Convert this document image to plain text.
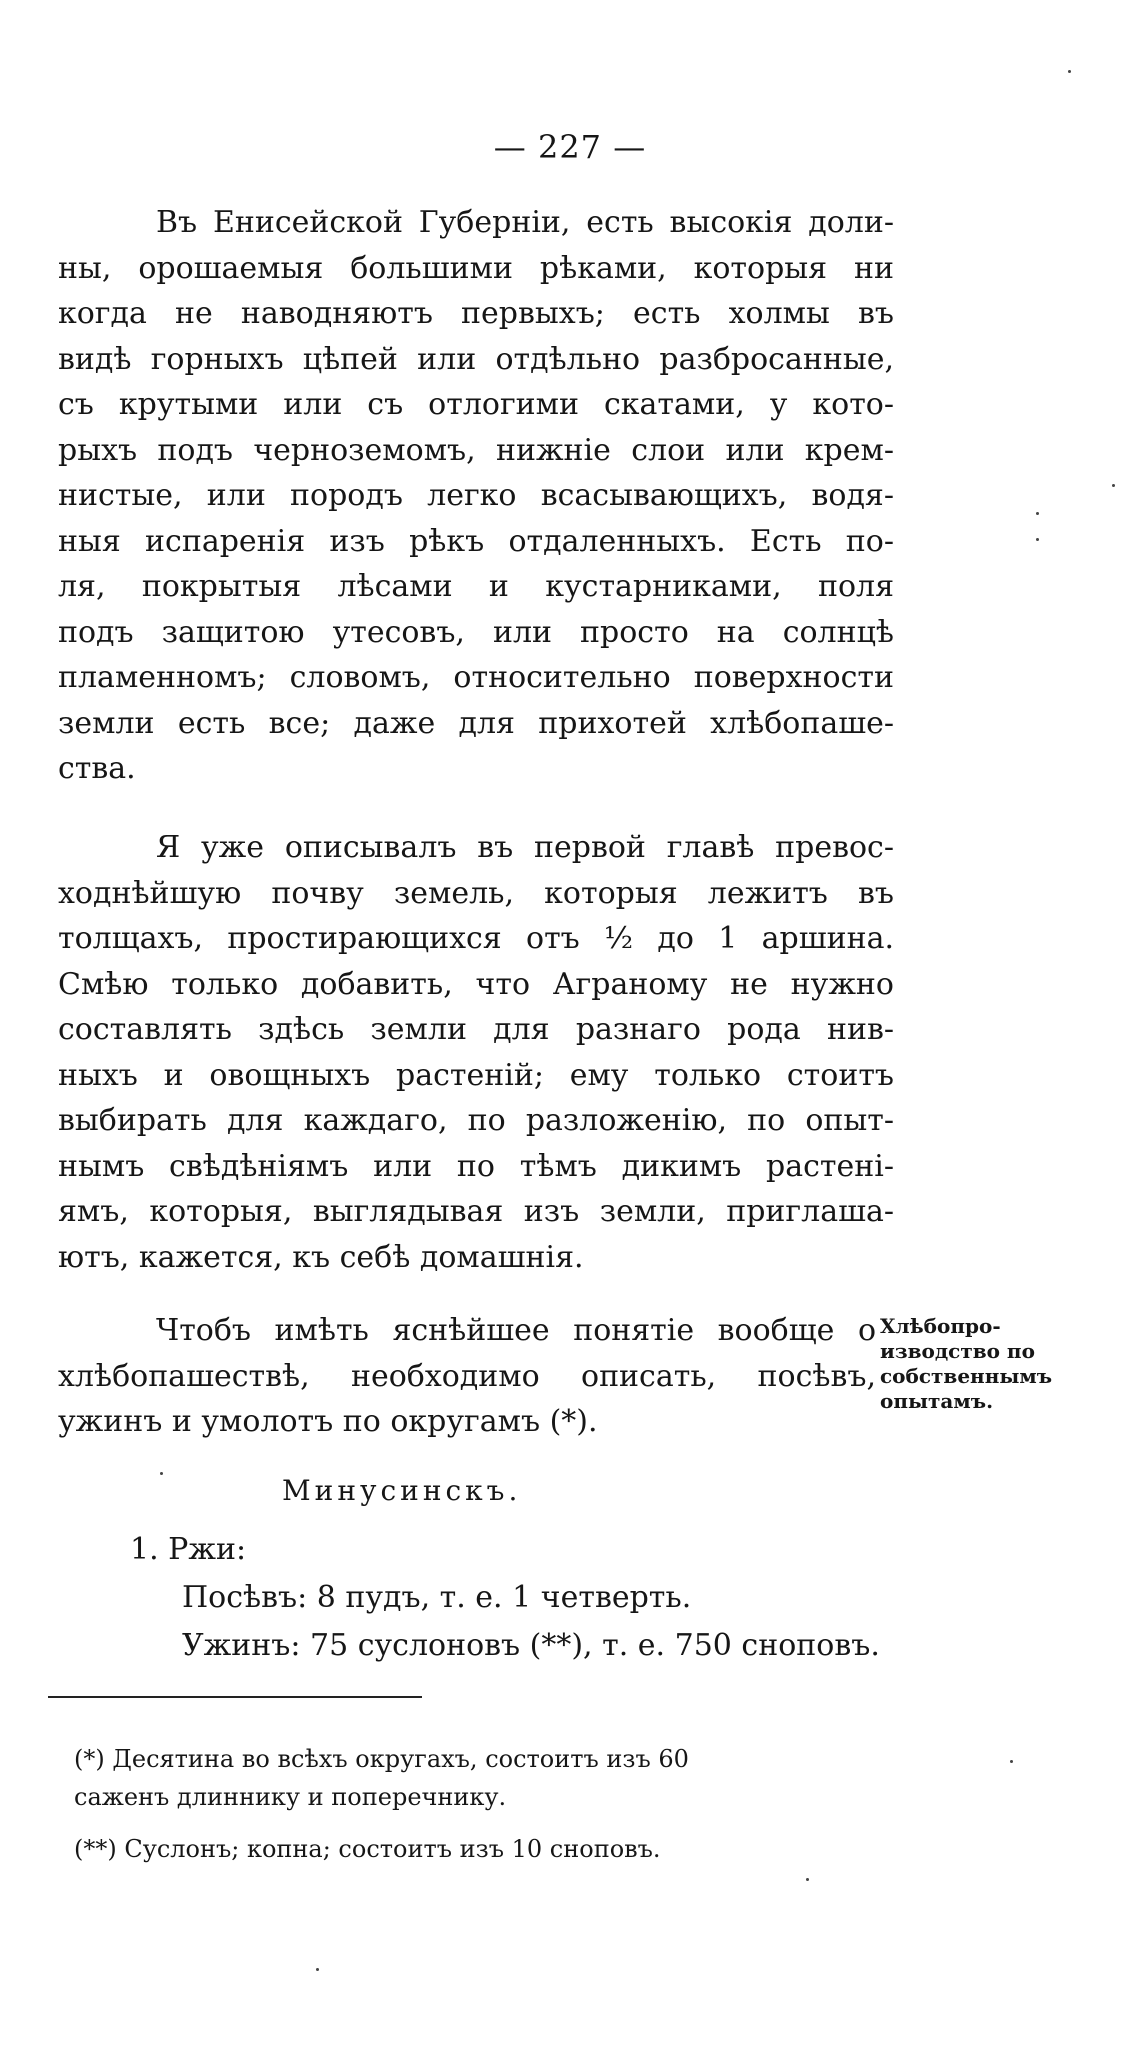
— 227 —
Въ Енисейской Губерніи, есть высокія доли-
ны, орошаемыя большими рѣками, которыя ни
когда не наводняютъ первыхъ; есть холмы въ
видѣ горныхъ цѣпей или отдѣльно разбросанные,
съ крутыми или съ отлогими скатами, у кото-
рыхъ подъ черноземомъ, нижніе слои или крем-
нистые, или породъ легко всасывающихъ, водя-
ныя испаренія изъ рѣкъ отдаленныхъ. Есть по-
ля, покрытыя лѣсами и кустарниками, поля
подъ защитою утесовъ, или просто на солнцѣ
пламенномъ; словомъ, относительно поверхности
земли есть все; даже для прихотей хлѣбопаше-
ства.
Я уже описывалъ въ первой главѣ превос-
ходнѣйшую почву земель, которыя лежитъ въ
толщахъ, простирающихся отъ ½ до 1 аршина.
Смѣю только добавить, что Аграному не нужно
составлять здѣсь земли для разнаго рода нив-
ныхъ и овощныхъ растеній; ему только стоитъ
выбирать для каждаго, по разложенію, по опыт-
нымъ свѣдѣніямъ или по тѣмъ дикимъ растені-
ямъ, которыя, выглядывая изъ земли, приглаша-
ютъ, кажется, къ себѣ домашнія.
Чтобъ имѣть яснѣйшее понятіе вообще о
хлѣбопашествѣ, необходимо описать, посѣвъ,
ужинъ и умолотъ по округамъ (*).
Хлѣбопро-
изводство по
собственнымъ
опытамъ.
Минусинскъ.
1. Ржи:
Посѣвъ: 8 пудъ, т. е. 1 четверть.
Ужинъ: 75 суслоновъ (**), т. е. 750 сноповъ.
(*) Десятина во всѣхъ округахъ, состоитъ изъ 60
саженъ длиннику и поперечнику.
(**) Суслонъ; копна; состоитъ изъ 10 сноповъ.
